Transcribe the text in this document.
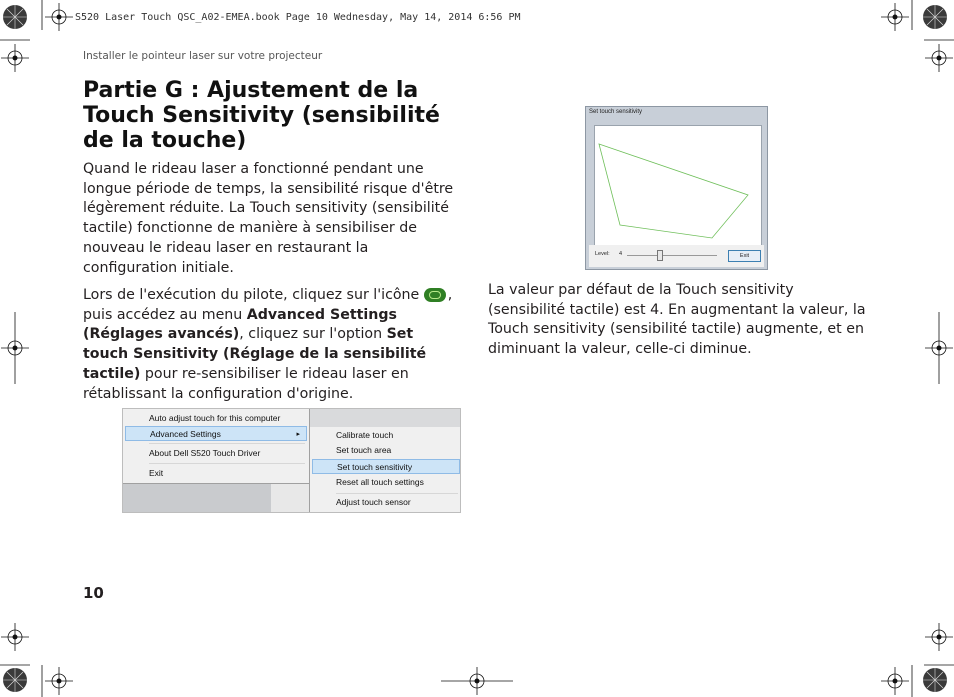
S520 Laser Touch QSC_A02-EMEA.book Page 10 Wednesday, May 14, 2014 6:56 PM
Installer le pointeur laser sur votre projecteur
Partie G : Ajustement de la Touch Sensitivity (sensibilité de la touche)
Quand le rideau laser a fonctionné pendant une longue période de temps, la sensibilité risque d'être légèrement réduite. La Touch sensitivity (sensibilité tactile) fonctionne de manière à sensibiliser de nouveau le rideau laser en restaurant la configuration initiale.
Lors de l'exécution du pilote, cliquez sur l'icône , puis accédez au menu Advanced Settings (Réglages avancés), cliquez sur l'option Set touch Sensitivity (Réglage de la sensibilité tactile) pour re-sensibiliser le rideau laser en rétablissant la configuration d'origine.
Auto adjust touch for this computer
Advanced Settings	▸
About Dell S520 Touch Driver
Exit
Calibrate touch
Set touch area
Set touch sensitivity
Reset all touch settings
Adjust touch sensor
Set touch sensitivity
Level: 4	Exit
La valeur par défaut de la Touch sensitivity (sensibilité tactile) est 4. En augmentant la valeur, la Touch sensitivity (sensibilité tactile) augmente, et en diminuant la valeur, celle-ci diminue.
10
